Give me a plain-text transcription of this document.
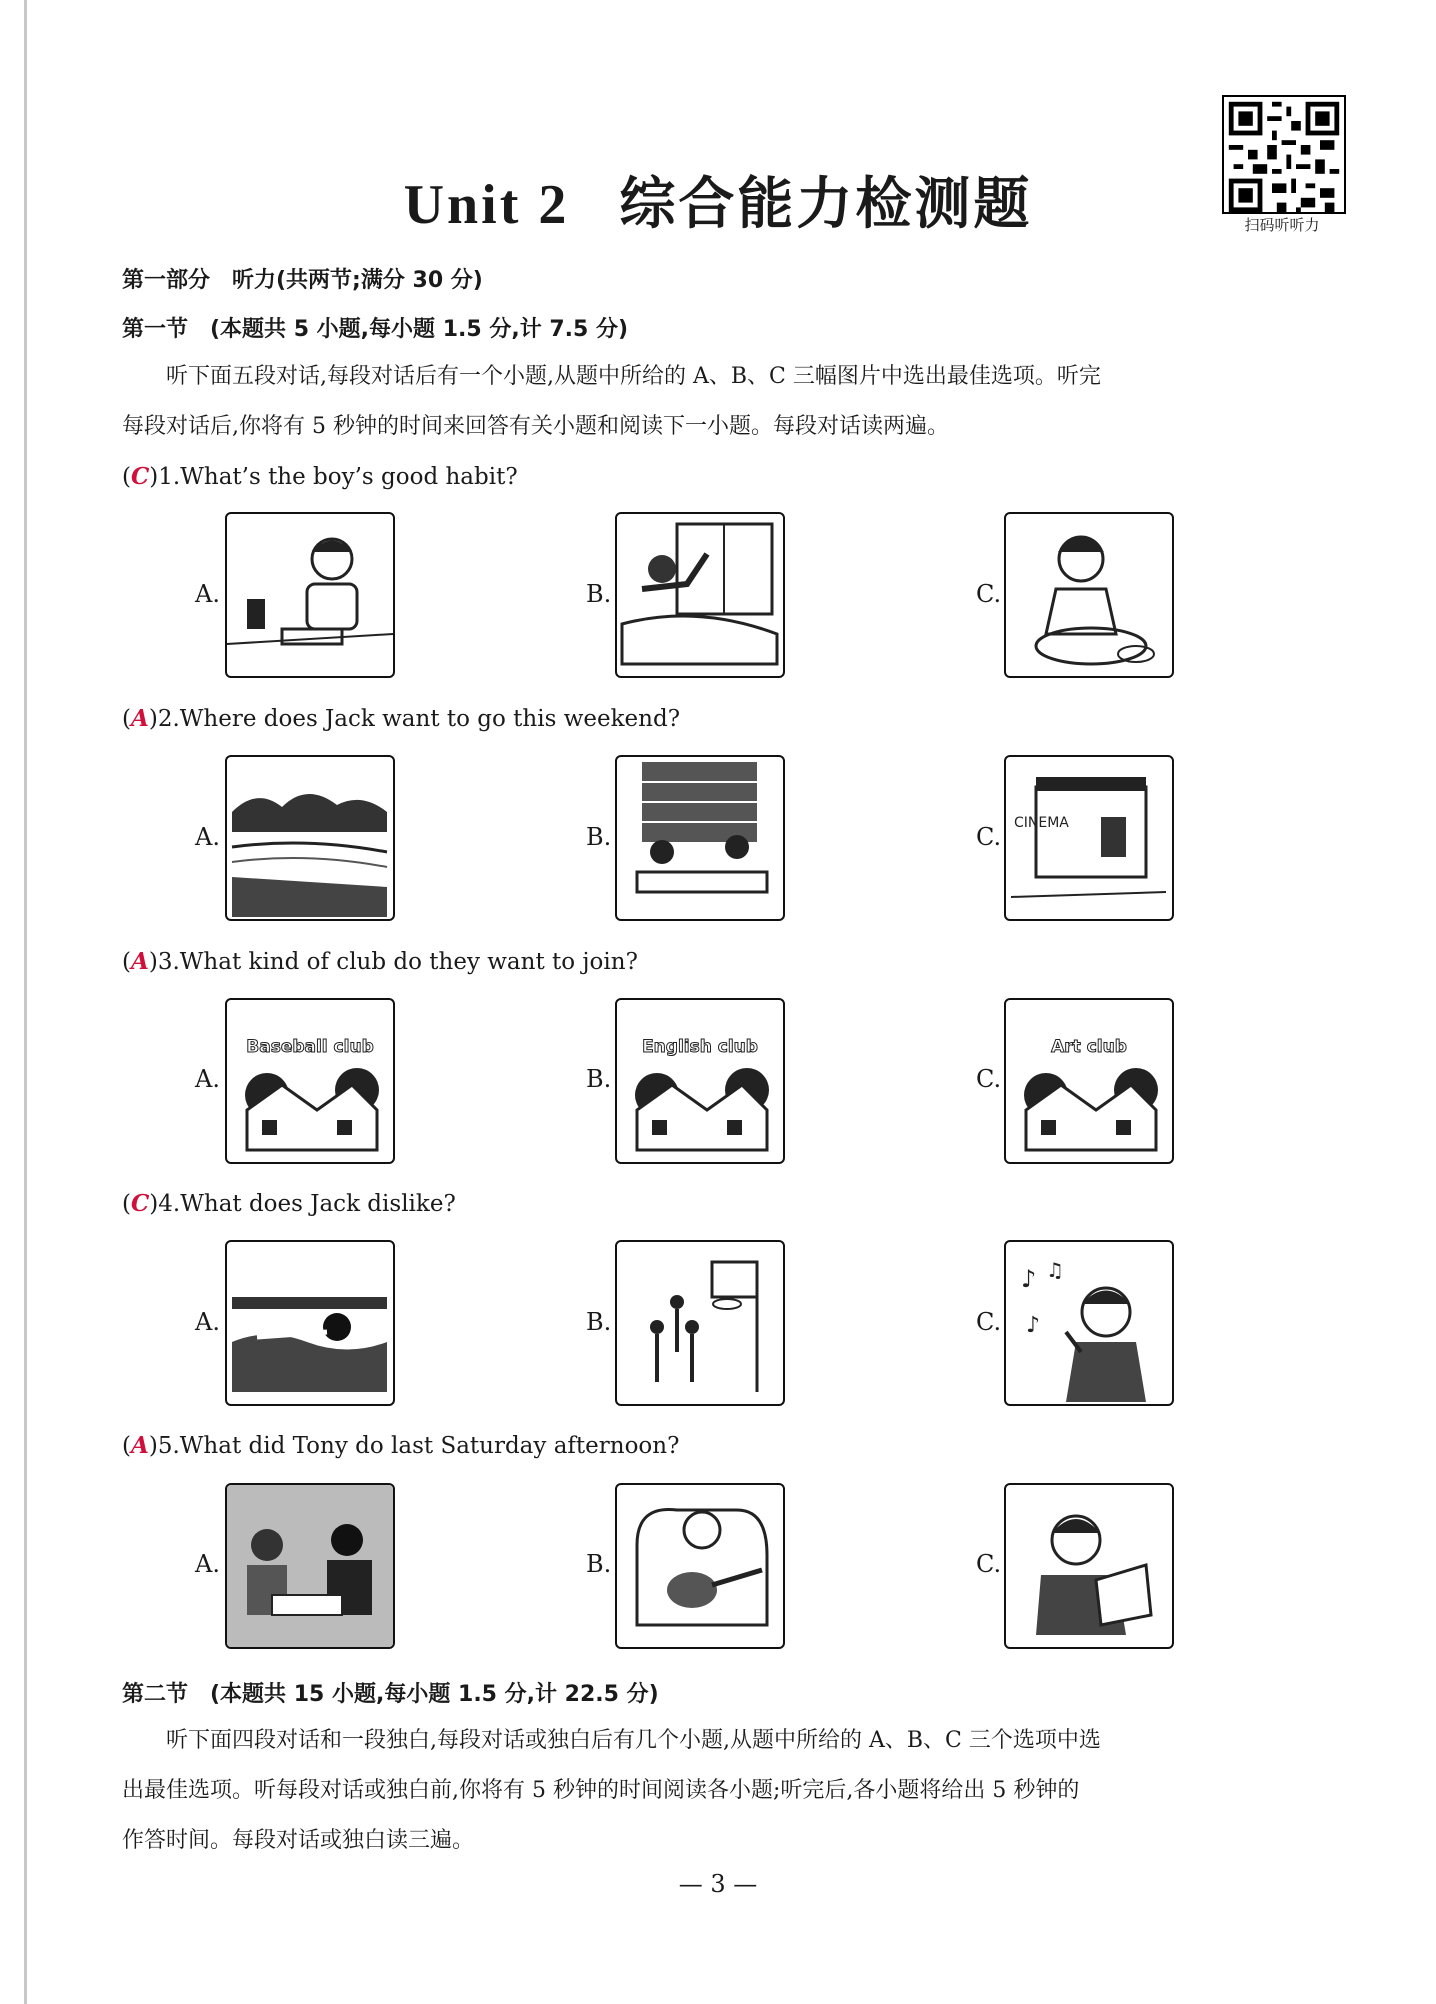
Unit 2 综合能力检测题	扫码听听力
第一部分　听力(共两节;满分 30 分)
第一节　(本题共 5 小题,每小题 1.5 分,计 7.5 分)
听下面五段对话,每段对话后有一个小题,从题中所给的 A、B、C 三幅图片中选出最佳选项。听完
每段对话后,你将有 5 秒钟的时间来回答有关小题和阅读下一小题。每段对话读两遍。
(C)1.What’s the boy’s good habit?
A.	B.	C.
(A)2.Where does Jack want to go this weekend?
A.	B.	C. CINEMA
(A)3.What kind of club do they want to join?
A.
Baseball club
B.
English club
C.
Art club
(C)4.What does Jack dislike?
A.	B.	C.
♪ ♫
♪
(A)5.What did Tony do last Saturday afternoon?
A.	B.	C.
第二节　(本题共 15 小题,每小题 1.5 分,计 22.5 分)
听下面四段对话和一段独白,每段对话或独白后有几个小题,从题中所给的 A、B、C 三个选项中选
出最佳选项。听每段对话或独白前,你将有 5 秒钟的时间阅读各小题;听完后,各小题将给出 5 秒钟的
作答时间。每段对话或独白读三遍。
— 3 —
